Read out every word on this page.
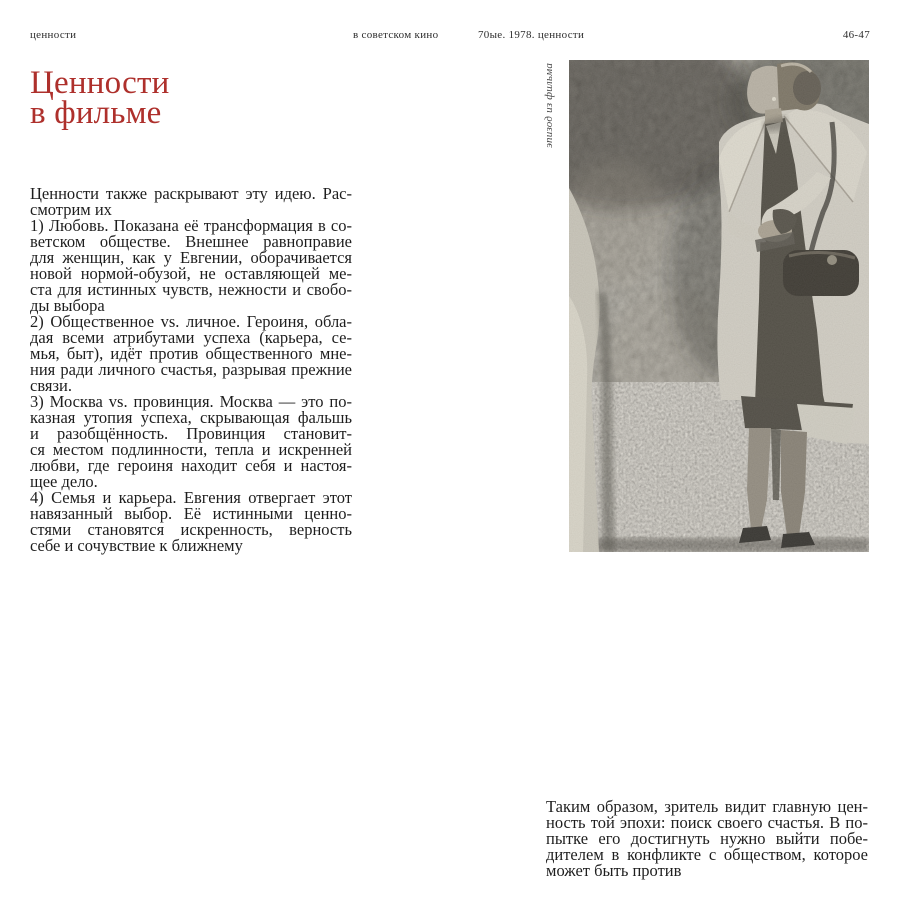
ценности	в советском кино	70ые. 1978. ценности	46-47
Ценности
в фильме
Ценности также раскрывают эту идею. Рас-
смотрим их
1) Любовь. Показана её трансформация в со-
ветском обществе. Внешнее равноправие
для женщин, как у Евгении, оборачивается
новой нормой-обузой, не оставляющей ме-
ста для истинных чувств, нежности и свобо-
ды выбора
2) Общественное vs. личное. Героиня, обла-
дая всеми атрибутами успеха (карьера, се-
мья, быт), идёт против общественного мне-
ния ради личного счастья, разрывая прежние
связи.
3) Москва vs. провинция. Москва — это по-
казная утопия успеха, скрывающая фальшь
и разобщённость. Провинция становит-
ся местом подлинности, тепла и искренней
любви, где героиня находит себя и настоя-
щее дело.
4) Семья и карьера. Евгения отвергает этот
навязанный выбор. Её истинными ценно-
стями становятся искренность, верность
себе и сочувствие к ближнему
эпизод из фильма
Таким образом, зритель видит главную цен-
ность той эпохи: поиск своего счастья. В по-
пытке его достигнуть нужно выйти побе-
дителем в конфликте с обществом, которое
может быть против
